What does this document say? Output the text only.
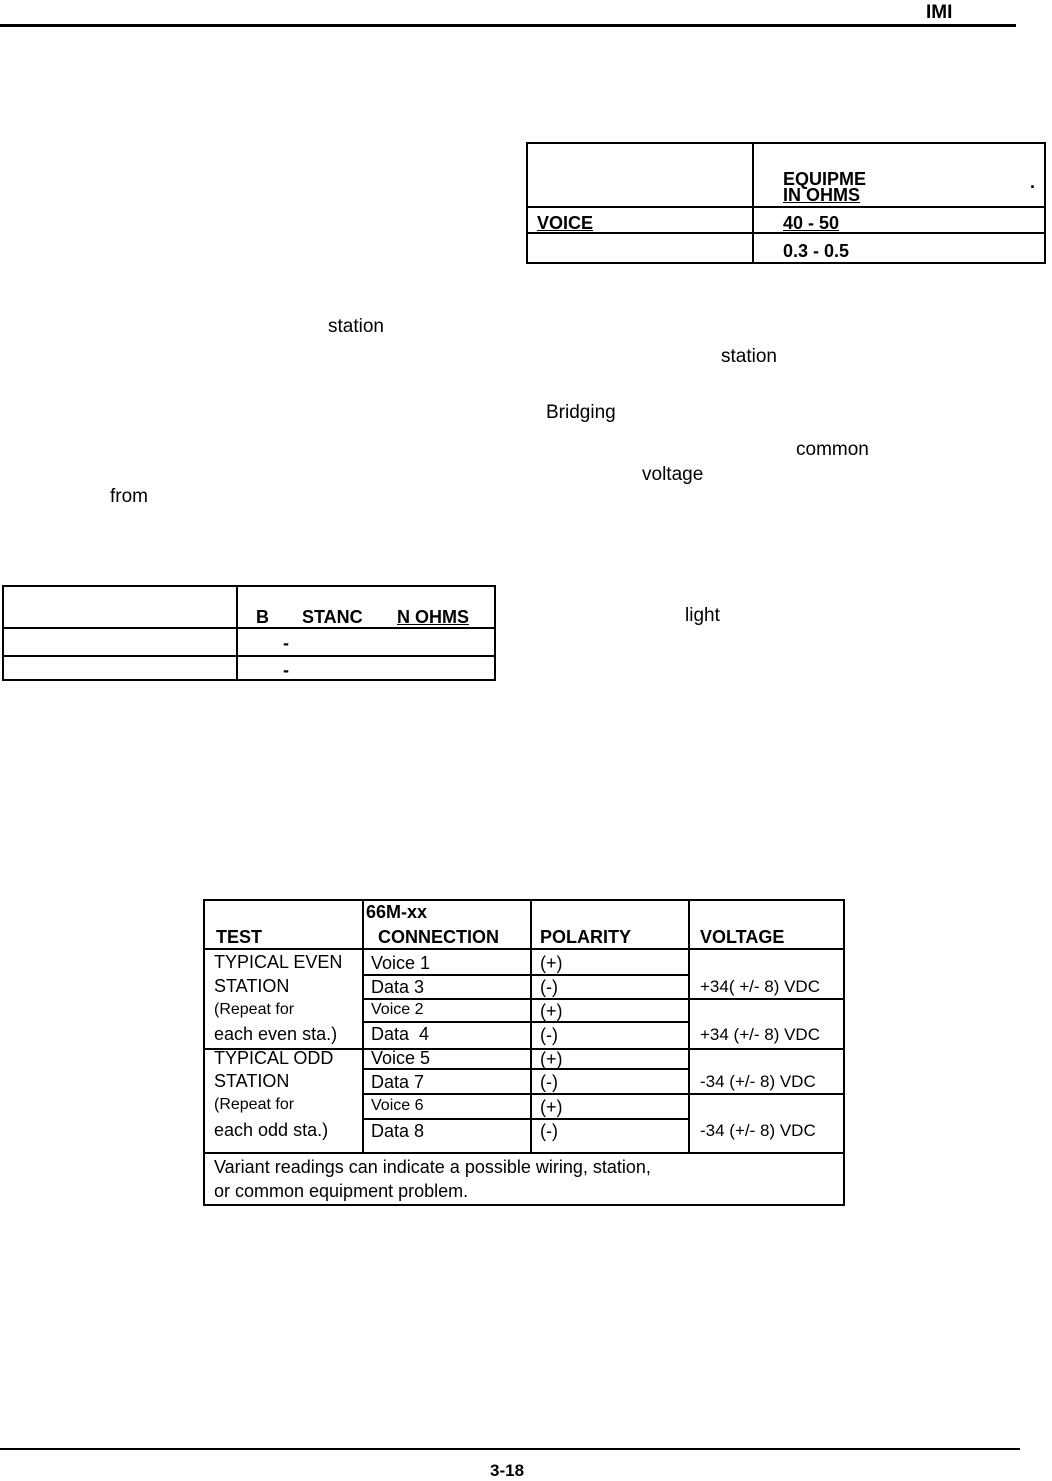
IMI
station
station
Bridging
common
voltage
from
light
EQUIPME
IN OHMS
.
VOICE	40 - 50
0.3 - 0.5
B STANC N OHMS
-
-
TEST
66M-xx
CONNECTION POLARITY	VOLTAGE
TYPICAL EVEN
STATION
(Repeat for
each even sta.)
TYPICAL ODD
STATION
(Repeat for
each odd sta.)
Voice 1
Data 3
Voice 2
Data  4
Voice 5
Data 7
Voice 6
Data 8
(+)
(-)
(+)
(-)
(+)
(-)
(+)
(-)
+34( +/- 8) VDC
+34 (+/- 8) VDC
-34 (+/- 8) VDC
-34 (+/- 8) VDC
Variant readings can indicate a possible wiring, station,
or common equipment problem.
3-18
